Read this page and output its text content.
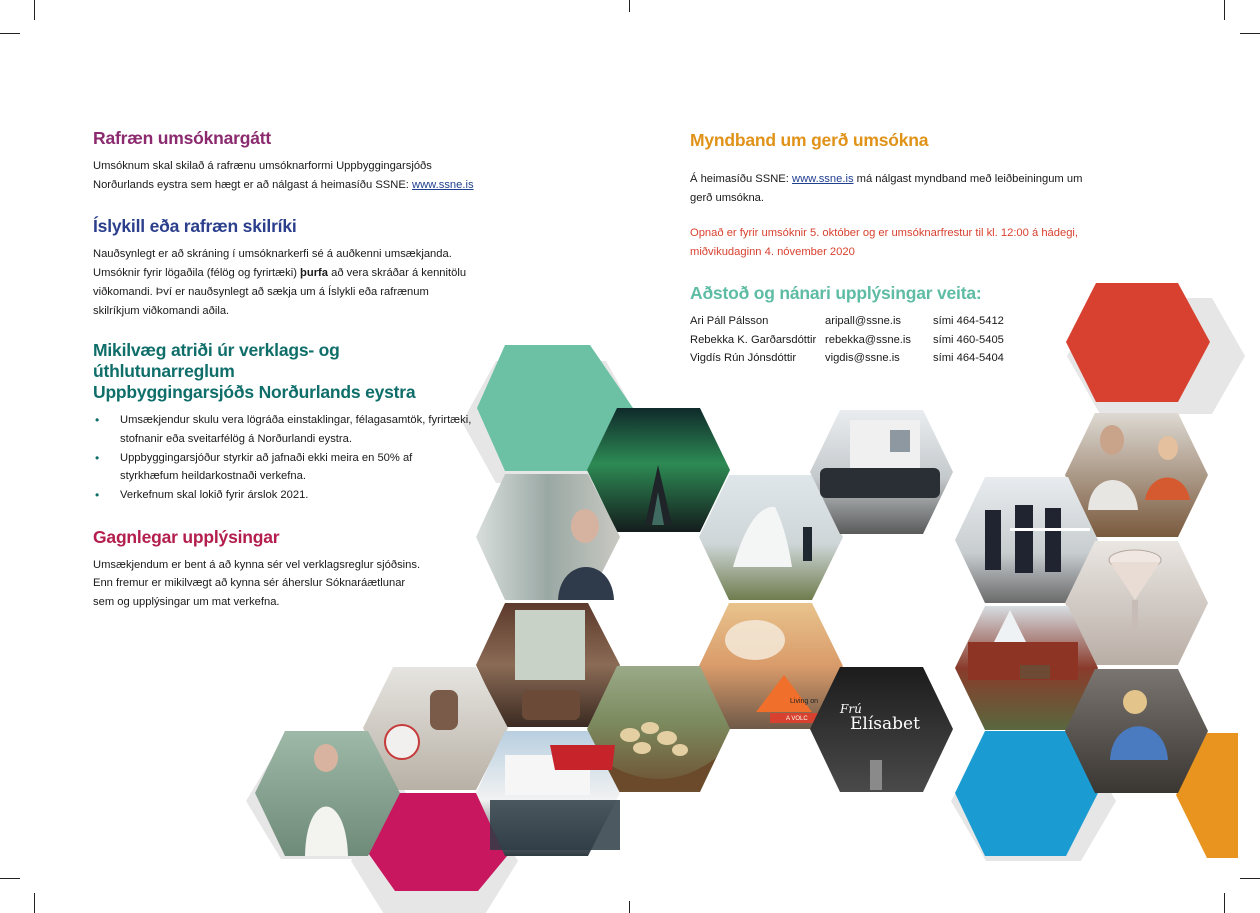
Living on
A VOLC
Frú
Elísabet
Rafræn umsóknargátt

Umsóknum skal skilað á rafrænu umsóknarformi Uppbyggingarsjóðs

Norðurlands eystra sem hægt er að nálgast á heimasíðu SSNE: www.ssne.is

Íslykill eða rafræn skilríki

Nauðsynlegt er að skráning í umsóknarkerfi sé á auðkenni umsækjanda.

Umsóknir fyrir lögaðila (félög og fyrirtæki) þurfa að vera skráðar á kennitölu

viðkomandi. Því er nauðsynlegt að sækja um á Íslykli eða rafrænum

skilríkjum viðkomandi aðila.

Mikilvæg atriði úr verklags- og úthlutunarreglum
Uppbyggingarsjóðs Norðurlands eystra
• Umsækjendur skulu vera lögráða einstaklingar, félagasamtök, fyrirtæki,
stofnanir eða sveitarfélög á Norðurlandi eystra.
• Uppbyggingarsjóður styrkir að jafnaði ekki meira en 50% af
styrkhæfum heildarkostnaði verkefna.
• Verkefnum skal lokið fyrir árslok 2021.
Gagnlegar upplýsingar

Umsækjendum er bent á að kynna sér vel verklagsreglur sjóðsins.

Enn fremur er mikilvægt að kynna sér áherslur Sóknaráætlunar

sem og upplýsingar um mat verkefna.

Myndband um gerð umsókna

Á heimasíðu SSNE: www.ssne.is má nálgast myndband með leiðbeiningum um

gerð umsókna.

Opnað er fyrir umsóknir 5. október og er umsóknarfrestur til kl. 12:00 á hádegi,

miðvikudaginn 4. nóvember 2020

Aðstoð og nánari upplýsingar veita:
Ari Páll Pálsson	aripall@ssne.is	sími 464-5412
Rebekka K. Garðarsdóttir rebekka@ssne.is	sími 460-5405
Vigdís Rún Jónsdóttir	vigdis@ssne.is	sími 464-5404
